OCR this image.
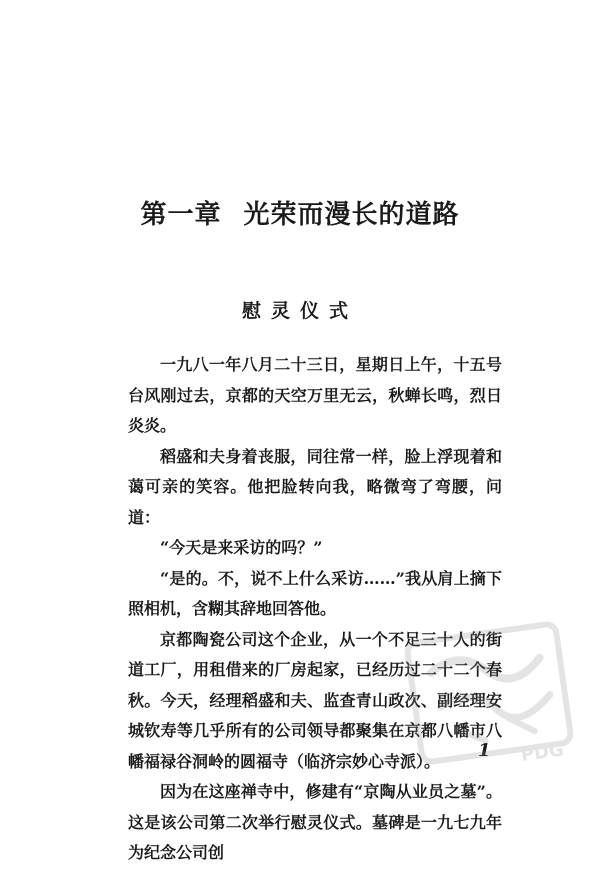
第一章 光荣而漫长的道路
慰灵仪式

一九八一年八月二十三日，星期日上午，十五号台风刚过去，京都的天空万里无云，秋蝉长鸣，烈日炎炎。

稻盛和夫身着丧服，同往常一样，脸上浮现着和蔼可亲的笑容。他把脸转向我，略微弯了弯腰，问道：

“今天是来采访的吗？”

“是的。不，说不上什么采访……”我从肩上摘下照相机，含糊其辞地回答他。

京都陶瓷公司这个企业，从一个不足三十人的街道工厂，用租借来的厂房起家，已经历过二十二个春秋。今天，经理稻盛和夫、监查青山政次、副经理安城钦寿等几乎所有的公司领导都聚集在京都八幡市八幡福禄谷洞岭的圆福寺（临济宗妙心寺派）。

因为在这座禅寺中，修建有“京陶从业员之墓”。这是该公司第二次举行慰灵仪式。墓碑是一九七九年为纪念公司创

1 PDG
